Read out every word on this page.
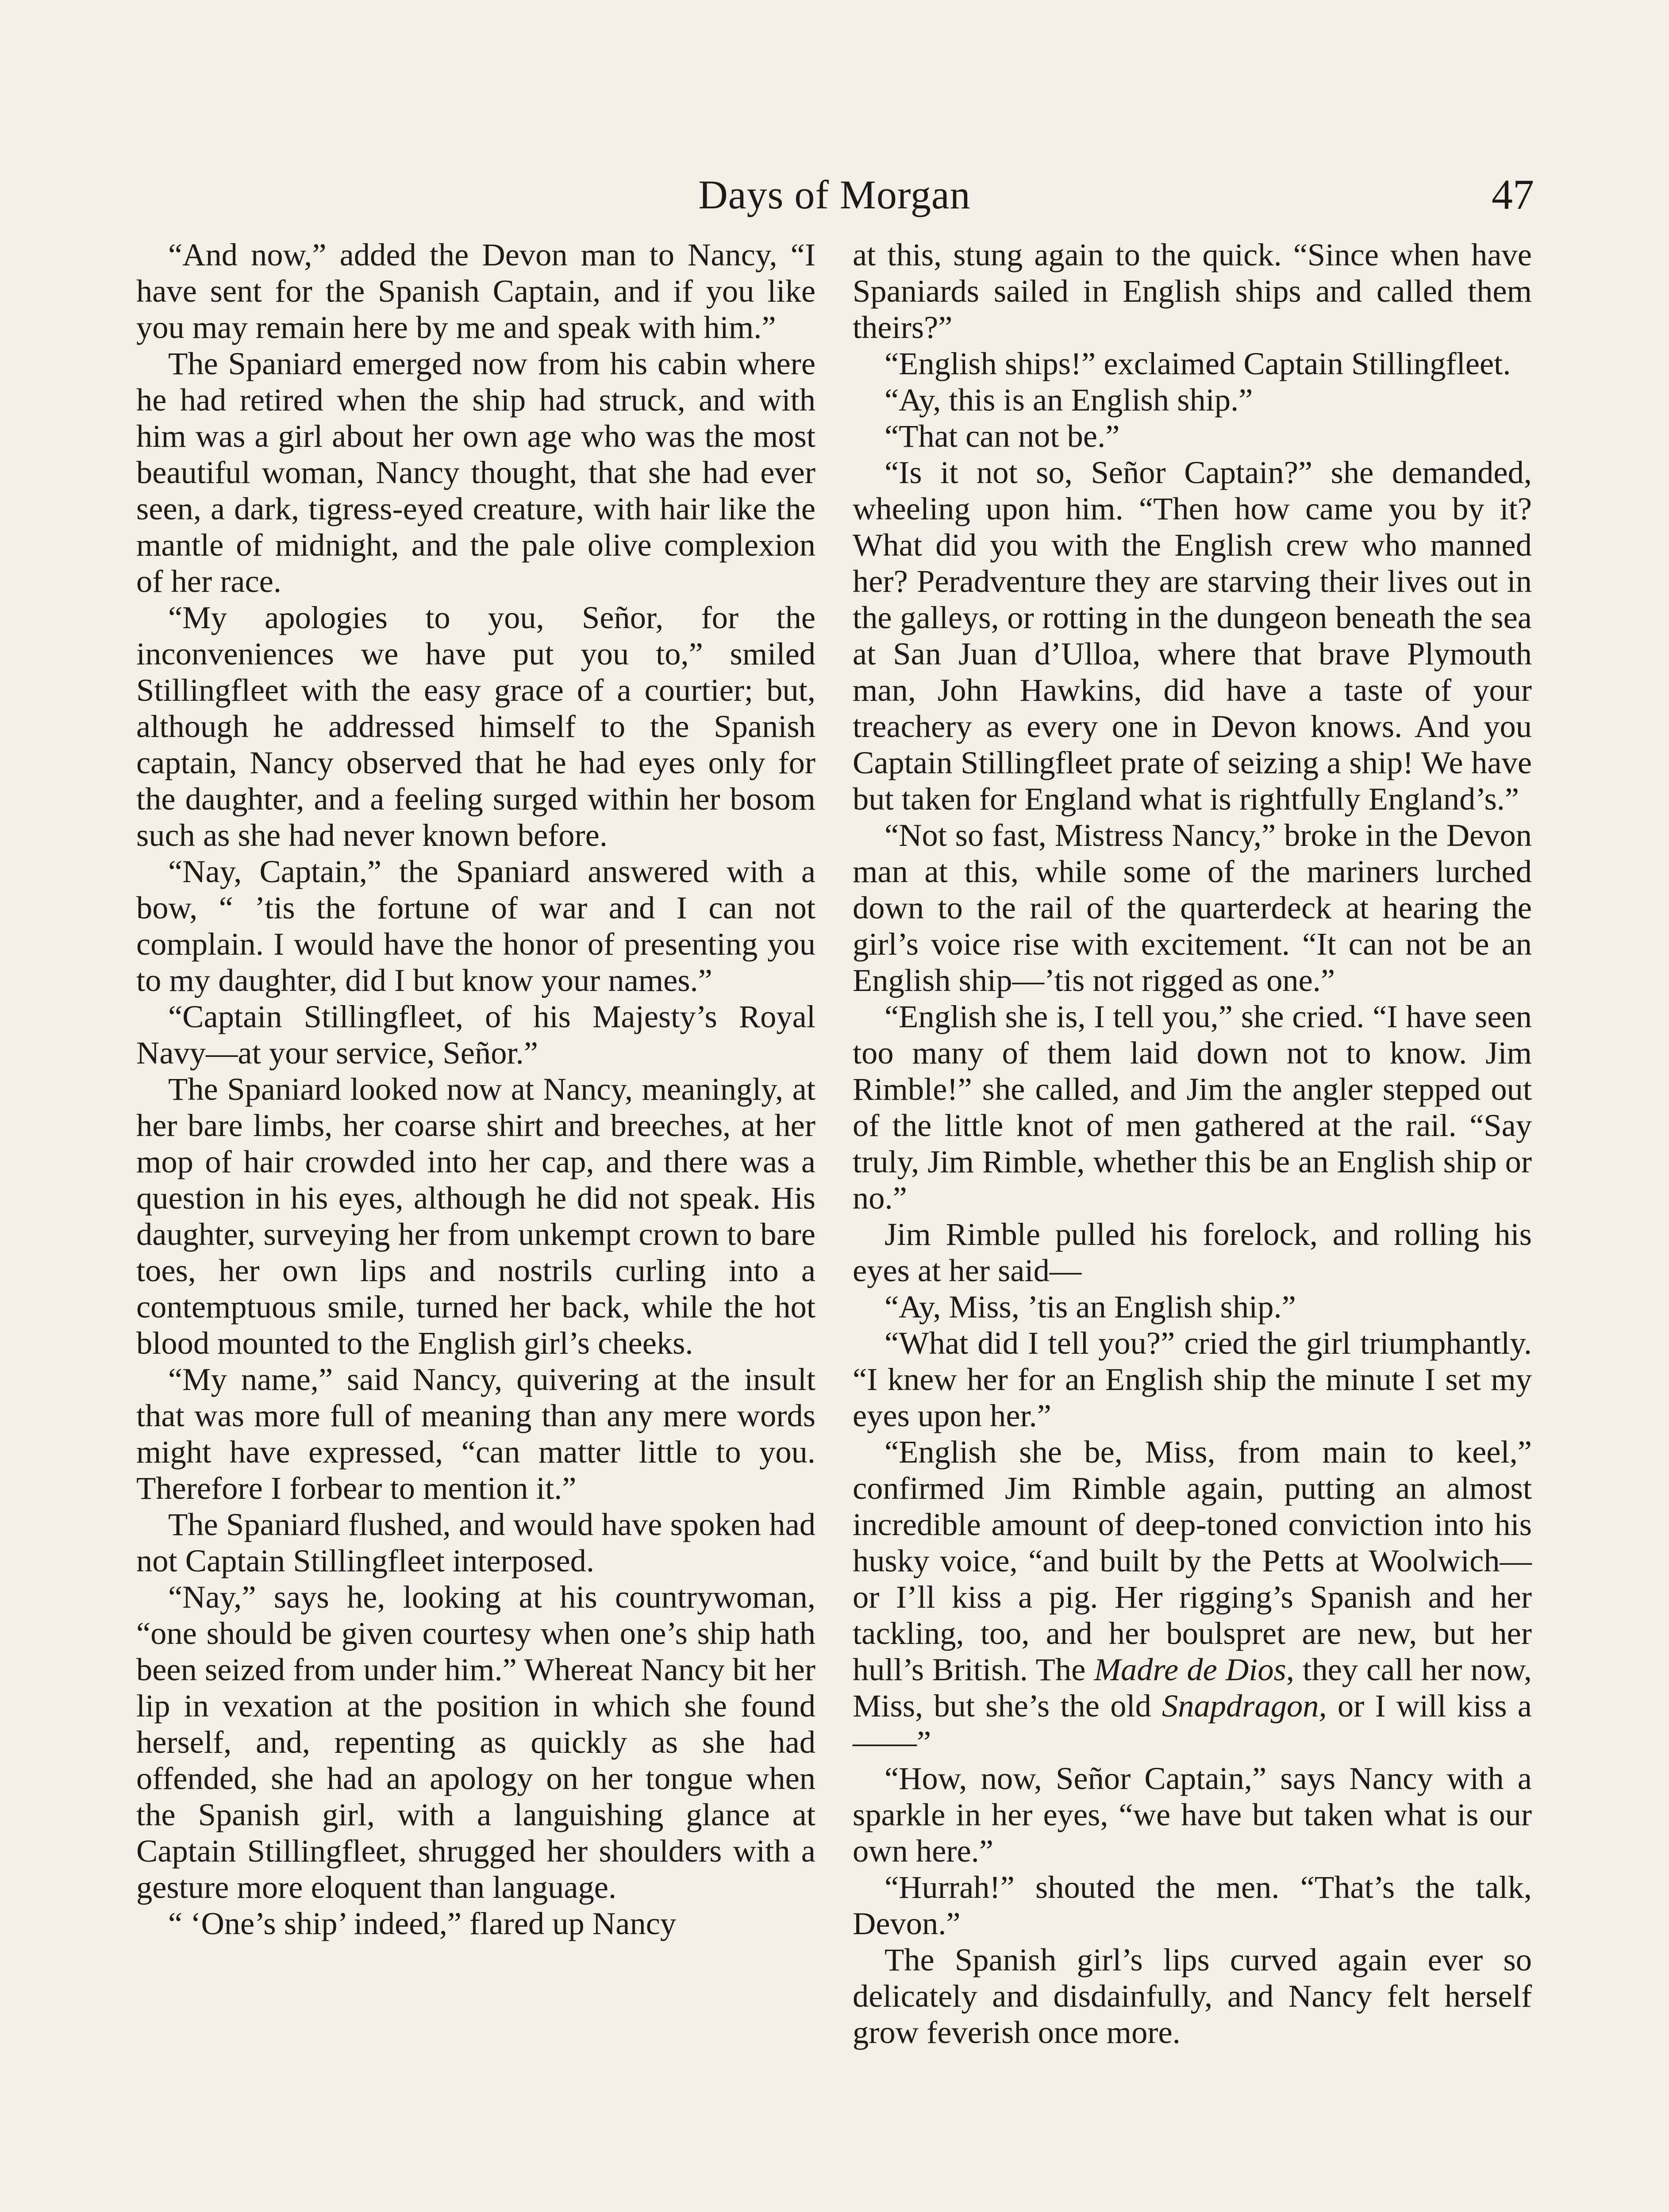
Days of Morgan	47

“And now,” added the Devon man to Nancy, “I have sent for the Spanish Captain, and if you like you may remain here by me and speak with him.”

The Spaniard emerged now from his cabin where he had retired when the ship had struck, and with him was a girl about her own age who was the most beautiful woman, Nancy thought, that she had ever seen, a dark, tigress-eyed creature, with hair like the mantle of midnight, and the pale olive complexion of her race.

“My apologies to you, Señor, for the inconveniences we have put you to,” smiled Stillingfleet with the easy grace of a courtier; but, although he addressed himself to the Spanish captain, Nancy observed that he had eyes only for the daughter, and a feeling surged within her bosom such as she had never known before.

“Nay, Captain,” the Spaniard answered with a bow, “ ’tis the fortune of war and I can not complain. I would have the honor of presenting you to my daughter, did I but know your names.”

“Captain Stillingfleet, of his Majesty’s Royal Navy—at your service, Señor.”

The Spaniard looked now at Nancy, meaningly, at her bare limbs, her coarse shirt and breeches, at her mop of hair crowded into her cap, and there was a question in his eyes, although he did not speak. His daughter, surveying her from unkempt crown to bare toes, her own lips and nostrils curling into a contemptuous smile, turned her back, while the hot blood mounted to the English girl’s cheeks.

“My name,” said Nancy, quivering at the insult that was more full of meaning than any mere words might have expressed, “can matter little to you. Therefore I forbear to mention it.”

The Spaniard flushed, and would have spoken had not Captain Stillingfleet interposed.

“Nay,” says he, looking at his countrywoman, “one should be given courtesy when one’s ship hath been seized from under him.” Whereat Nancy bit her lip in vexation at the position in which she found herself, and, repenting as quickly as she had offended, she had an apology on her tongue when the Spanish girl, with a languishing glance at Captain Stillingfleet, shrugged her shoulders with a gesture more eloquent than language.

“ ‘One’s ship’ indeed,” flared up Nancy

at this, stung again to the quick. “Since when have Spaniards sailed in English ships and called them theirs?”

“English ships!” exclaimed Captain Stillingfleet.

“Ay, this is an English ship.”

“That can not be.”

“Is it not so, Señor Captain?” she demanded, wheeling upon him. “Then how came you by it? What did you with the English crew who manned her? Peradventure they are starving their lives out in the galleys, or rotting in the dungeon beneath the sea at San Juan d’Ulloa, where that brave Plymouth man, John Hawkins, did have a taste of your treachery as every one in Devon knows. And you Captain Stillingfleet prate of seizing a ship! We have but taken for England what is rightfully England’s.”

“Not so fast, Mistress Nancy,” broke in the Devon man at this, while some of the mariners lurched down to the rail of the quarterdeck at hearing the girl’s voice rise with excitement. “It can not be an English ship—’tis not rigged as one.”

“English she is, I tell you,” she cried. “I have seen too many of them laid down not to know. Jim Rimble!” she called, and Jim the angler stepped out of the little knot of men gathered at the rail. “Say truly, Jim Rimble, whether this be an English ship or no.”

Jim Rimble pulled his forelock, and rolling his eyes at her said—

“Ay, Miss, ’tis an English ship.”

“What did I tell you?” cried the girl triumphantly. “I knew her for an English ship the minute I set my eyes upon her.”

“English she be, Miss, from main to keel,” confirmed Jim Rimble again, putting an almost incredible amount of deep-toned conviction into his husky voice, “and built by the Petts at Woolwich—or I’ll kiss a pig. Her rigging’s Spanish and her tackling, too, and her boulspret are new, but her hull’s British. The Madre de Dios, they call her now, Miss, but she’s the old Snapdragon, or I will kiss a——”

“How, now, Señor Captain,” says Nancy with a sparkle in her eyes, “we have but taken what is our own here.”

“Hurrah!” shouted the men. “That’s the talk, Devon.”

The Spanish girl’s lips curved again ever so delicately and disdainfully, and Nancy felt herself grow feverish once more.
